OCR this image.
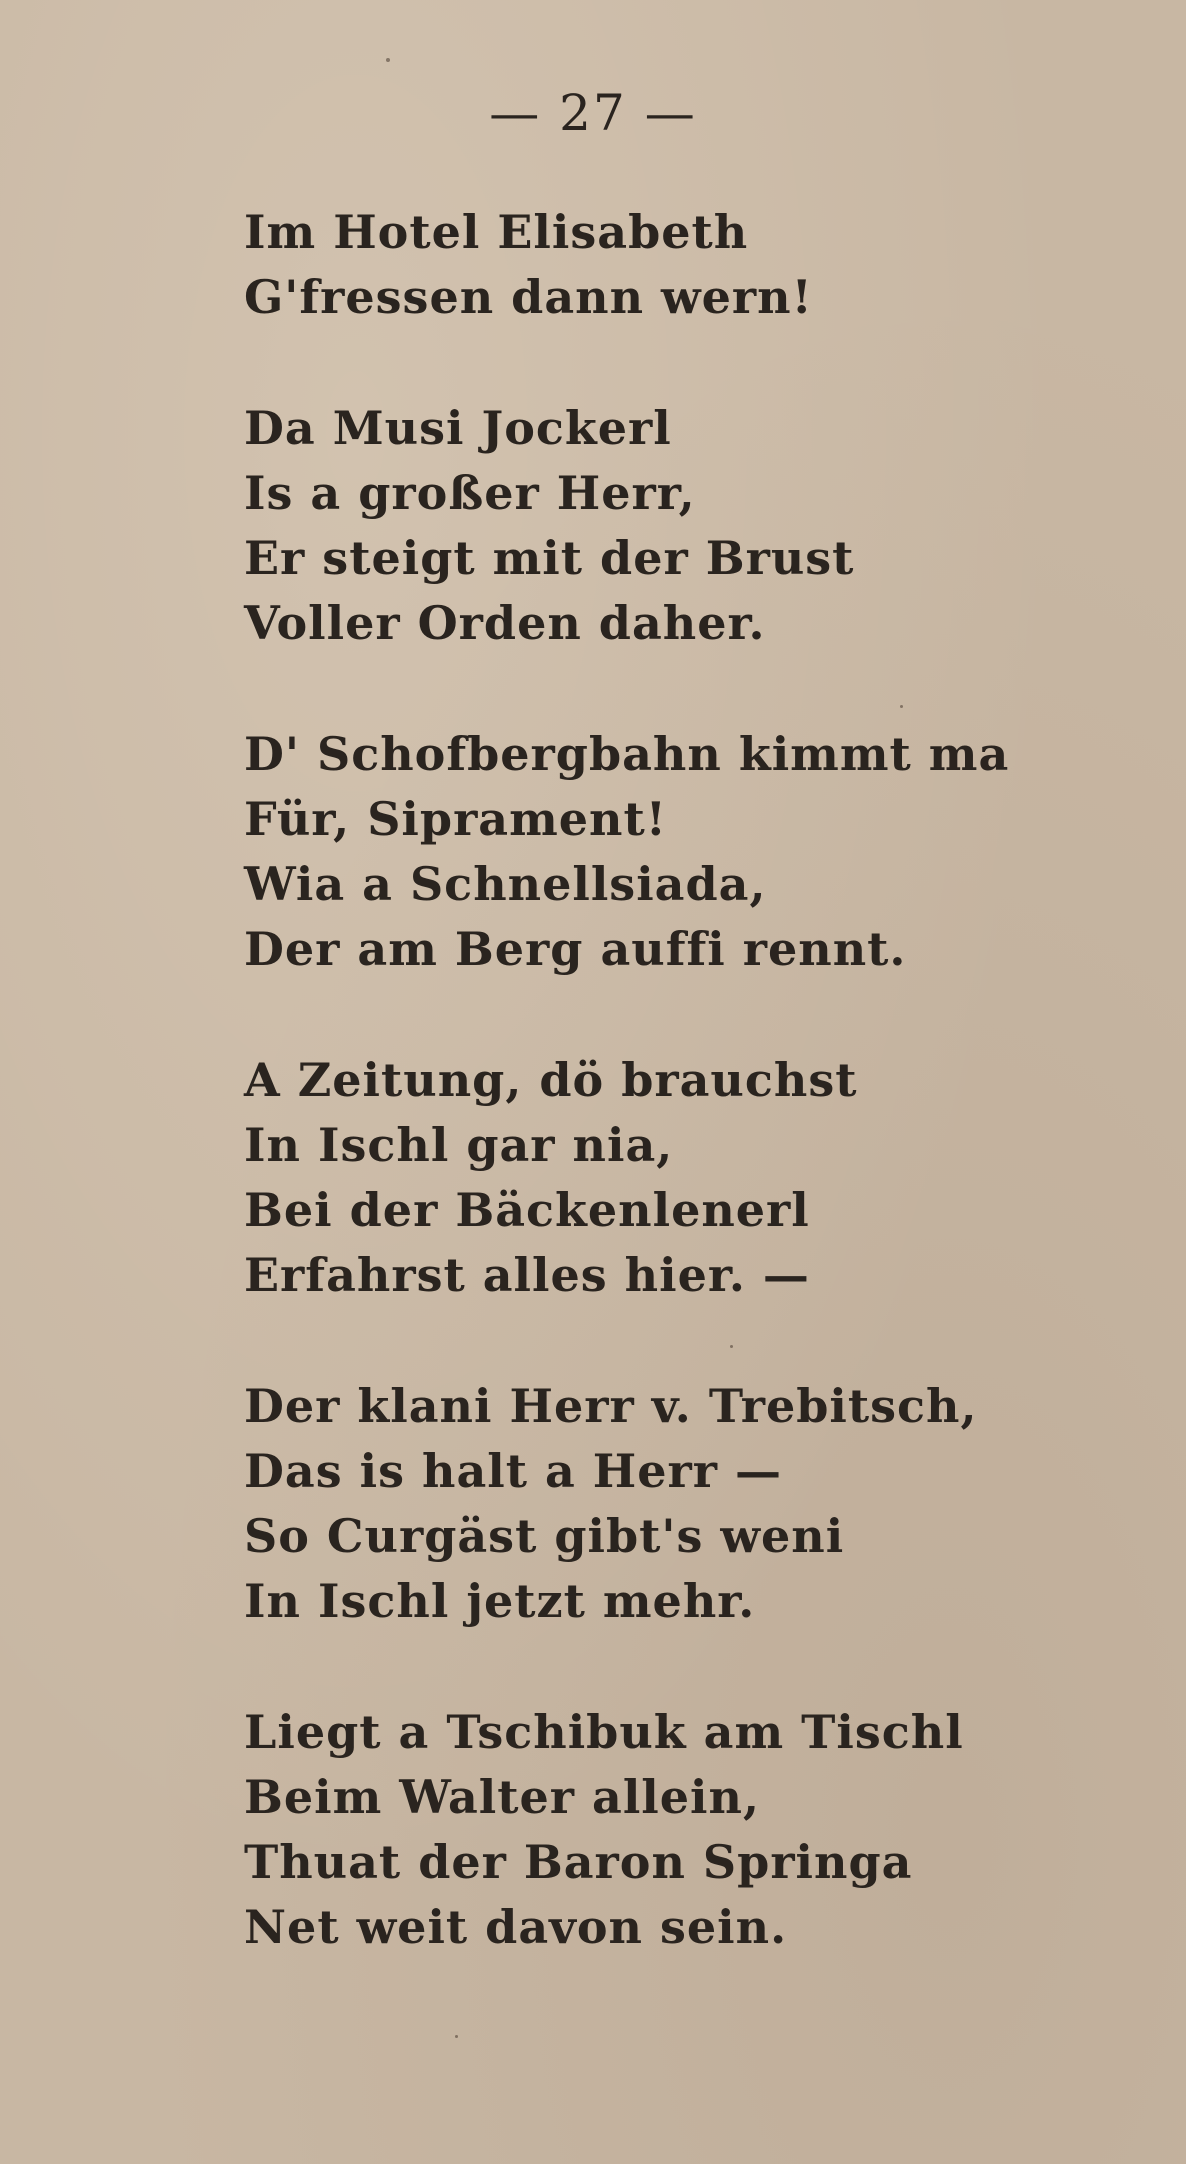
— 27 —
Im Hotel Elisabeth
G'fressen dann wern!
Da Musi Jockerl
Is a großer Herr,
Er steigt mit der Brust
Voller Orden daher.
D' Schofbergbahn kimmt ma
Für, Siprament!
Wia a Schnellsiada,
Der am Berg auffi rennt.
A Zeitung, dö brauchst
In Ischl gar nia,
Bei der Bäckenlenerl
Erfahrst alles hier. —
Der klani Herr v. Trebitsch,
Das is halt a Herr —
So Curgäst gibt's weni
In Ischl jetzt mehr.
Liegt a Tschibuk am Tischl
Beim Walter allein,
Thuat der Baron Springa
Net weit davon sein.
